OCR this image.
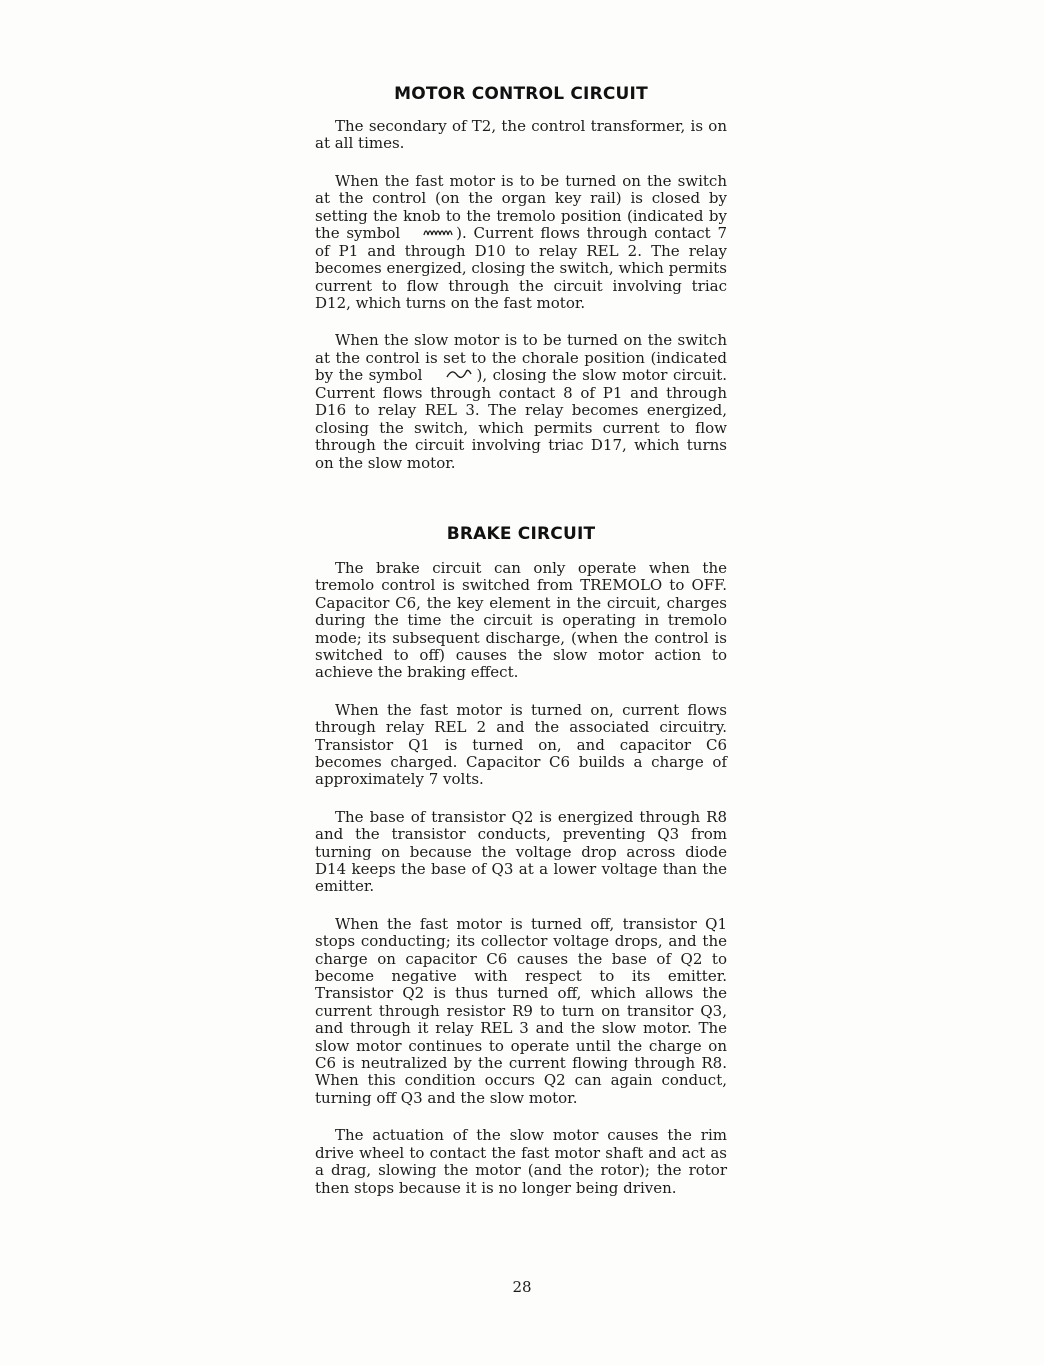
MOTOR CONTROL CIRCUIT

The secondary of T2, the control transformer, is on at all times.

When the fast motor is to be turned on the switch at the control (on the organ key rail) is closed by setting the knob to the tremolo position (indicated by the symbol	). Current flows through contact 7 of P1 and through D10 to relay REL 2. The relay becomes energized, closing the switch, which permits current to flow through the circuit involving triac D12, which turns on the fast motor.

When the slow motor is to be turned on the switch at the control is set to the chorale position (indicated by the symbol	), closing the slow motor circuit. Current flows through contact 8 of P1 and through D16 to relay REL 3. The relay becomes energized, closing the switch, which permits current to flow through the circuit involving triac D17, which turns on the slow motor.

BRAKE CIRCUIT

The brake circuit can only operate when the tremolo control is switched from TREMOLO to OFF. Capacitor C6, the key element in the circuit, charges during the time the circuit is operating in tremolo mode; its subsequent discharge, (when the control is switched to off) causes the slow motor action to achieve the braking effect.

When the fast motor is turned on, current flows through relay REL 2 and the associated circuitry. Transistor Q1 is turned on, and capacitor C6 becomes charged. Capacitor C6 builds a charge of approximately 7 volts.

The base of transistor Q2 is energized through R8 and the transistor conducts, preventing Q3 from turning on because the voltage drop across diode D14 keeps the base of Q3 at a lower voltage than the emitter.

When the fast motor is turned off, transistor Q1 stops conducting; its collector voltage drops, and the charge on capacitor C6 causes the base of Q2 to become negative with respect to its emitter. Transistor Q2 is thus turned off, which allows the current through resistor R9 to turn on transitor Q3, and through it relay REL 3 and the slow motor. The slow motor continues to operate until the charge on C6 is neutralized by the current flowing through R8. When this condition occurs Q2 can again conduct, turning off Q3 and the slow motor.

The actuation of the slow motor causes the rim drive wheel to contact the fast motor shaft and act as a drag, slowing the motor (and the rotor); the rotor then stops because it is no longer being driven.

28
